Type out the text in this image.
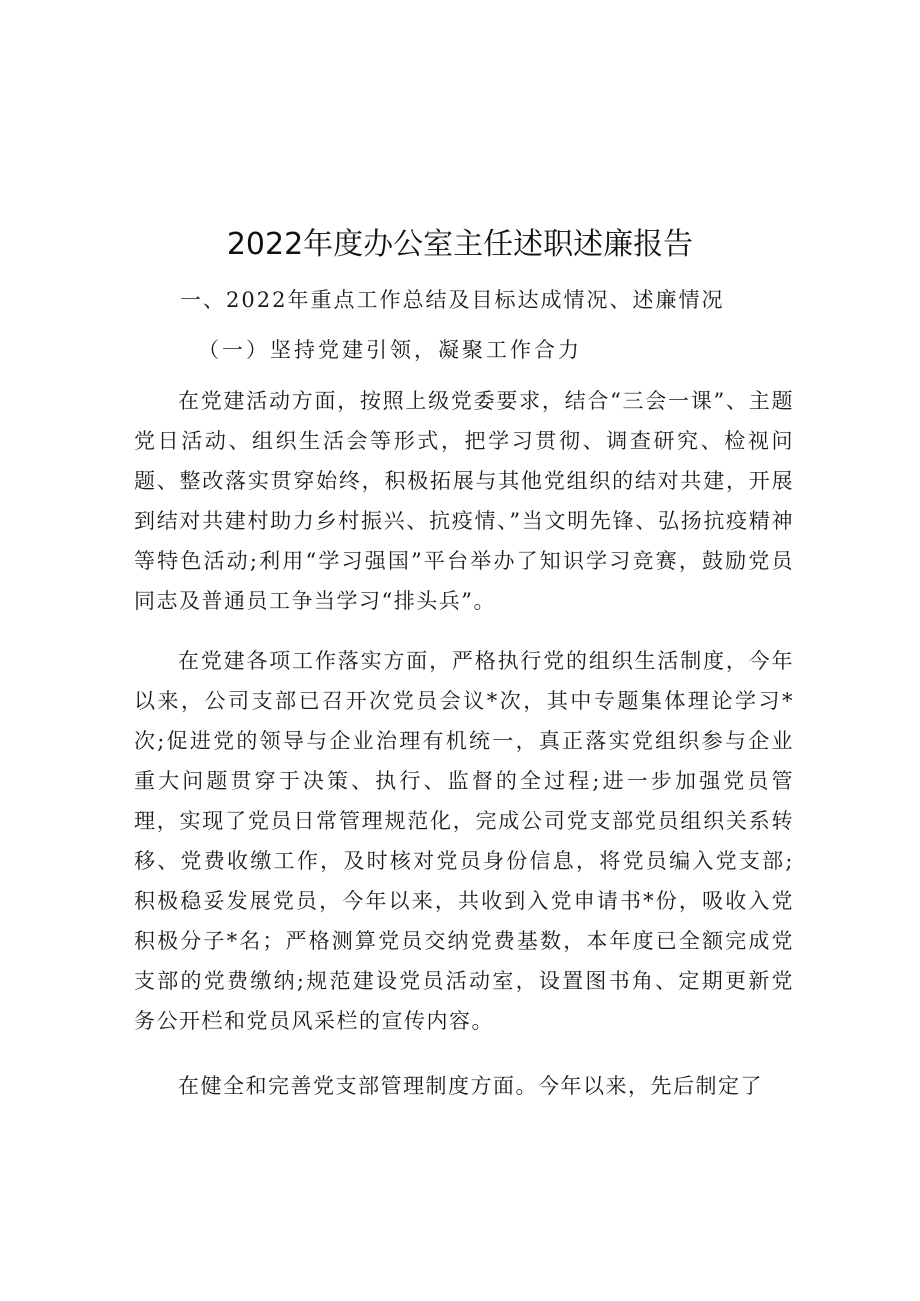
2022年度办公室主任述职述廉报告

一、2022年重点工作总结及目标达成情况、述廉情况

（一）坚持党建引领，凝聚工作合力

在党建活动方面，按照上级党委要求，结合“三会一课”、主题党日活动、组织生活会等形式，把学习贯彻、调查研究、检视问题、整改落实贯穿始终，积极拓展与其他党组织的结对共建，开展到结对共建村助力乡村振兴、抗疫情、”当文明先锋、弘扬抗疫精神等特色活动;利用“学习强国”平台举办了知识学习竞赛，鼓励党员同志及普通员工争当学习“排头兵”。

在党建各项工作落实方面，严格执行党的组织生活制度，今年以来，公司支部已召开次党员会议*次，其中专题集体理论学习*次;促进党的领导与企业治理有机统一，真正落实党组织参与企业重大问题贯穿于决策、执行、监督的全过程;进一步加强党员管理，实现了党员日常管理规范化，完成公司党支部党员组织关系转移、党费收缴工作，及时核对党员身份信息，将党员编入党支部;积极稳妥发展党员，今年以来，共收到入党申请书*份，吸收入党积极分子*名；严格测算党员交纳党费基数，本年度已全额完成党支部的党费缴纳;规范建设党员活动室，设置图书角、定期更新党务公开栏和党员风采栏的宣传内容。

在健全和完善党支部管理制度方面。今年以来，先后制定了
